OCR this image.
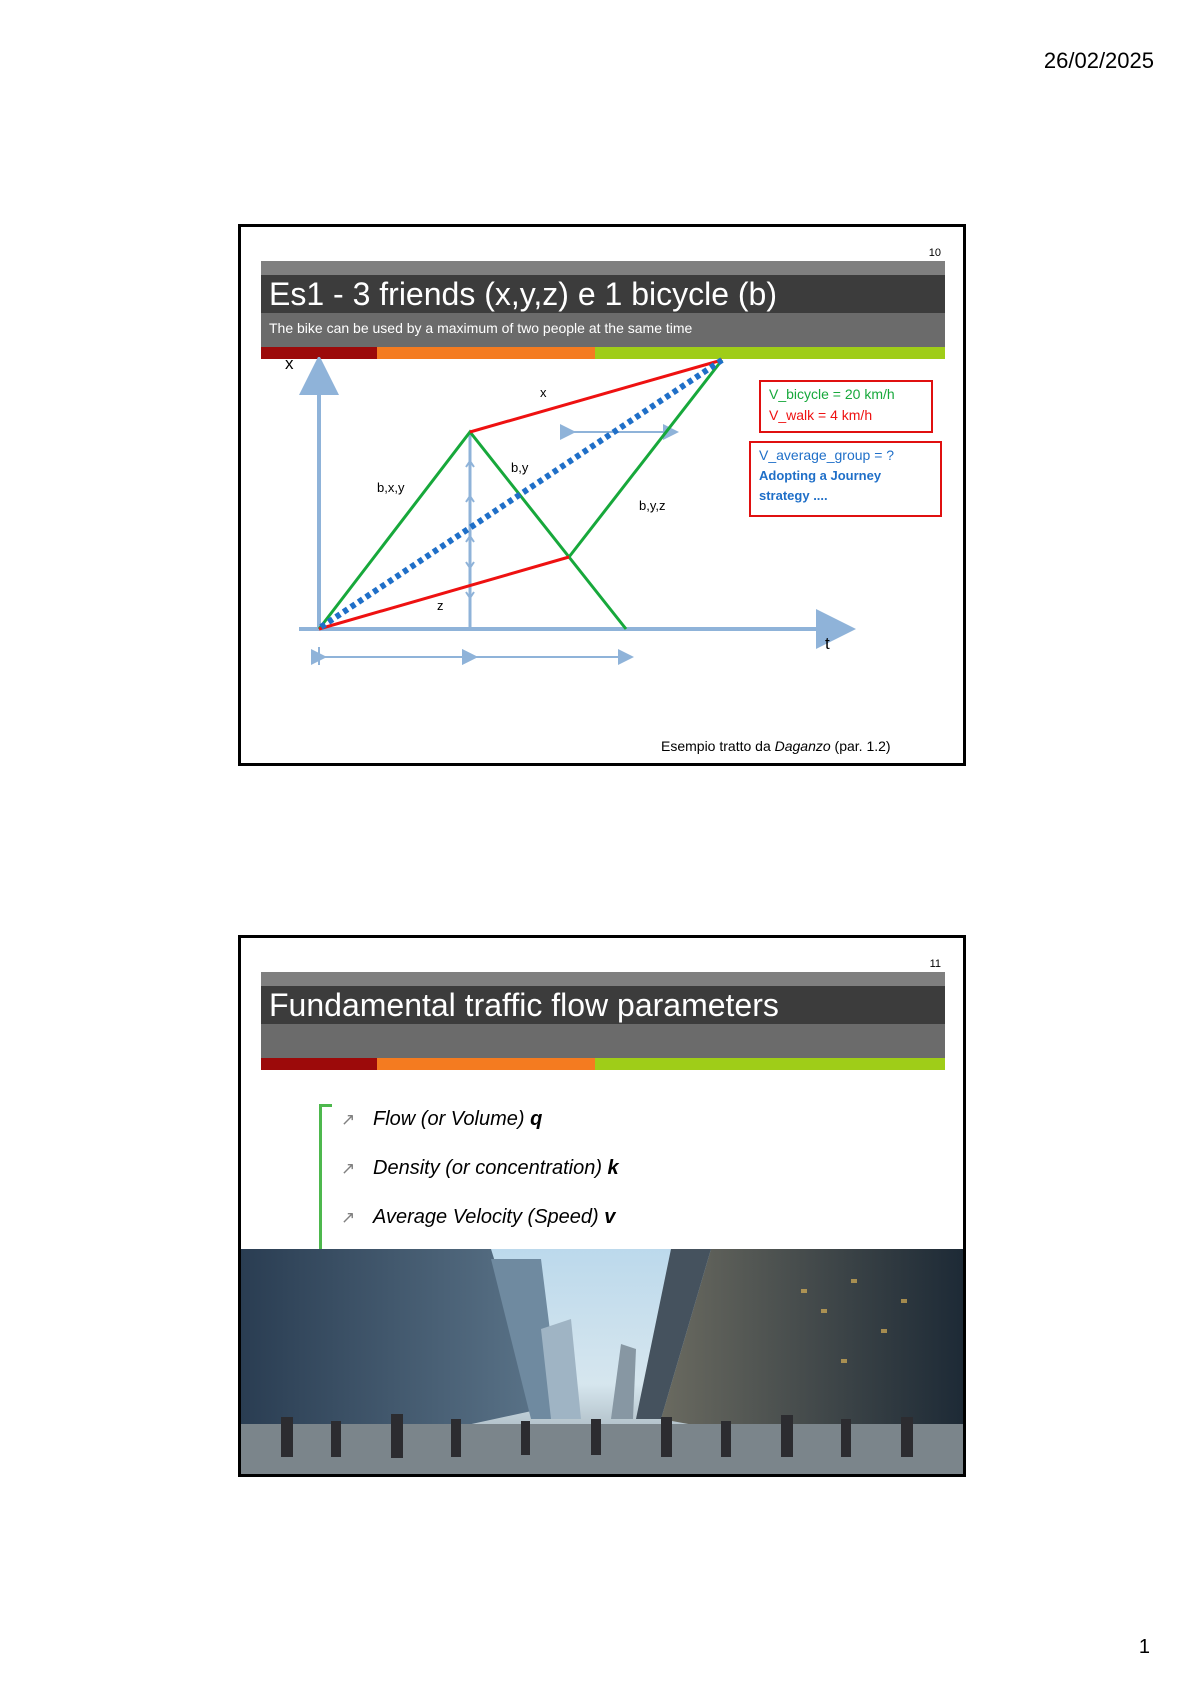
26/02/2025
10
Es1 - 3 friends (x,y,z) e 1 bicycle (b)
The bike can be used by a maximum of two people at the same time
x
t
x
z
b,x,y
b,y
b,y,z
V_bicycle = 20 km/h
V_walk = 4 km/h
V_average_group = ?
Adopting a Journey
strategy ....
Esempio tratto da Daganzo (par. 1.2)
11
Fundamental traffic flow parameters
↗ Flow (or Volume) q
↗ Density (or concentration) k
↗ Average Velocity (Speed) v
1
